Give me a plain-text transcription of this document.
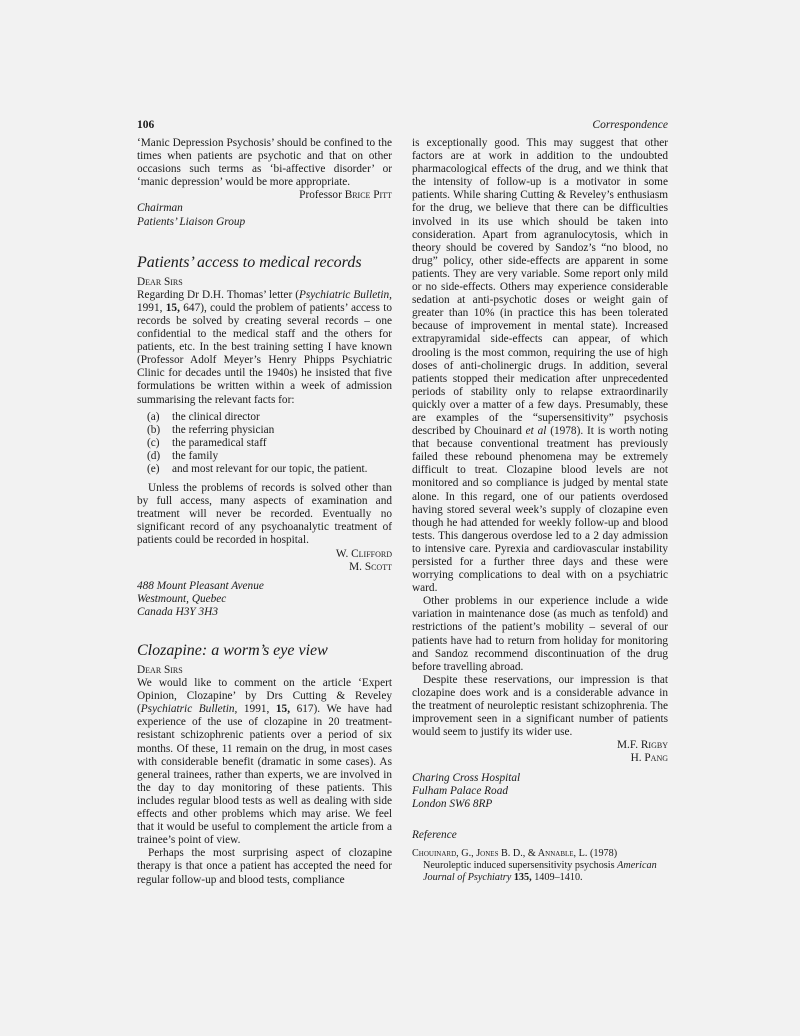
106	Correspondence

‘Manic Depression Psychosis’ should be confined to the times when patients are psychotic and that on other occasions such terms as ‘bi-affective disorder’ or ‘manic depression’ would be more appropriate.

Professor Brice Pitt

Chairman

Patients’ Liaison Group

Patients’ access to medical records

Dear Sirs

Regarding Dr D.H. Thomas’ letter (Psychiatric Bulletin, 1991, 15, 647), could the problem of patients’ access to records be solved by creating several records – one confidential to the medical staff and the others for patients, etc. In the best training setting I have known (Professor Adolf Meyer’s Henry Phipps Psychiatric Clinic for decades until the 1940s) he insisted that five formulations be written within a week of admission summarising the relevant facts for:

(a)	the clinical director
(b)	the referring physician
(c)	the paramedical staff
(d)	the family
(e)	and most relevant for our topic, the patient.

Unless the problems of records is solved other than by full access, many aspects of examination and treatment will never be recorded. Eventually no significant record of any psychoanalytic treatment of patients could be recorded in hospital.

W. Clifford

M. Scott

488 Mount Pleasant Avenue

Westmount, Quebec

Canada H3Y 3H3

Clozapine: a worm’s eye view

Dear Sirs

We would like to comment on the article ‘Expert Opinion, Clozapine’ by Drs Cutting & Reveley (Psychiatric Bulletin, 1991, 15, 617). We have had experience of the use of clozapine in 20 treatment-resistant schizophrenic patients over a period of six months. Of these, 11 remain on the drug, in most cases with considerable benefit (dramatic in some cases). As general trainees, rather than experts, we are involved in the day to day monitoring of these patients. This includes regular blood tests as well as dealing with side effects and other problems which may arise. We feel that it would be useful to complement the article from a trainee’s point of view.

Perhaps the most surprising aspect of clozapine therapy is that once a patient has accepted the need for regular follow-up and blood tests, compliance

is exceptionally good. This may suggest that other factors are at work in addition to the undoubted pharmacological effects of the drug, and we think that the intensity of follow-up is a motivator in some patients. While sharing Cutting & Reveley’s enthusiasm for the drug, we believe that there can be difficulties involved in its use which should be taken into consideration. Apart from agranulocytosis, which in theory should be covered by Sandoz’s “no blood, no drug” policy, other side-effects are apparent in some patients. They are very variable. Some report only mild or no side-effects. Others may experience considerable sedation at anti-psychotic doses or weight gain of greater than 10% (in practice this has been tolerated because of improvement in mental state). Increased extrapyramidal side-effects can appear, of which drooling is the most common, requiring the use of high doses of anti-cholinergic drugs. In addition, several patients stopped their medication after unprecedented periods of stability only to relapse extraordinarily quickly over a matter of a few days. Presumably, these are examples of the “supersensitivity” psychosis described by Chouinard et al (1978). It is worth noting that because conventional treatment has previously failed these rebound phenomena may be extremely difficult to treat. Clozapine blood levels are not monitored and so compliance is judged by mental state alone. In this regard, one of our patients overdosed having stored several week’s supply of clozapine even though he had attended for weekly follow-up and blood tests. This dangerous overdose led to a 2 day admission to intensive care. Pyrexia and cardiovascular instability persisted for a further three days and these were worrying complications to deal with on a psychiatric ward.

Other problems in our experience include a wide variation in maintenance dose (as much as tenfold) and restrictions of the patient’s mobility – several of our patients have had to return from holiday for monitoring and Sandoz recommend discontinuation of the drug before travelling abroad.

Despite these reservations, our impression is that clozapine does work and is a considerable advance in the treatment of neuroleptic resistant schizophrenia. The improvement seen in a significant number of patients would seem to justify its wider use.

M.F. Rigby

H. Pang

Charing Cross Hospital

Fulham Palace Road

London SW6 8RP

Reference

Chouinard, G., Jones B. D., & Annable, L. (1978)
Neuroleptic induced supersensitivity psychosis American Journal of Psychiatry 135, 1409–1410.
